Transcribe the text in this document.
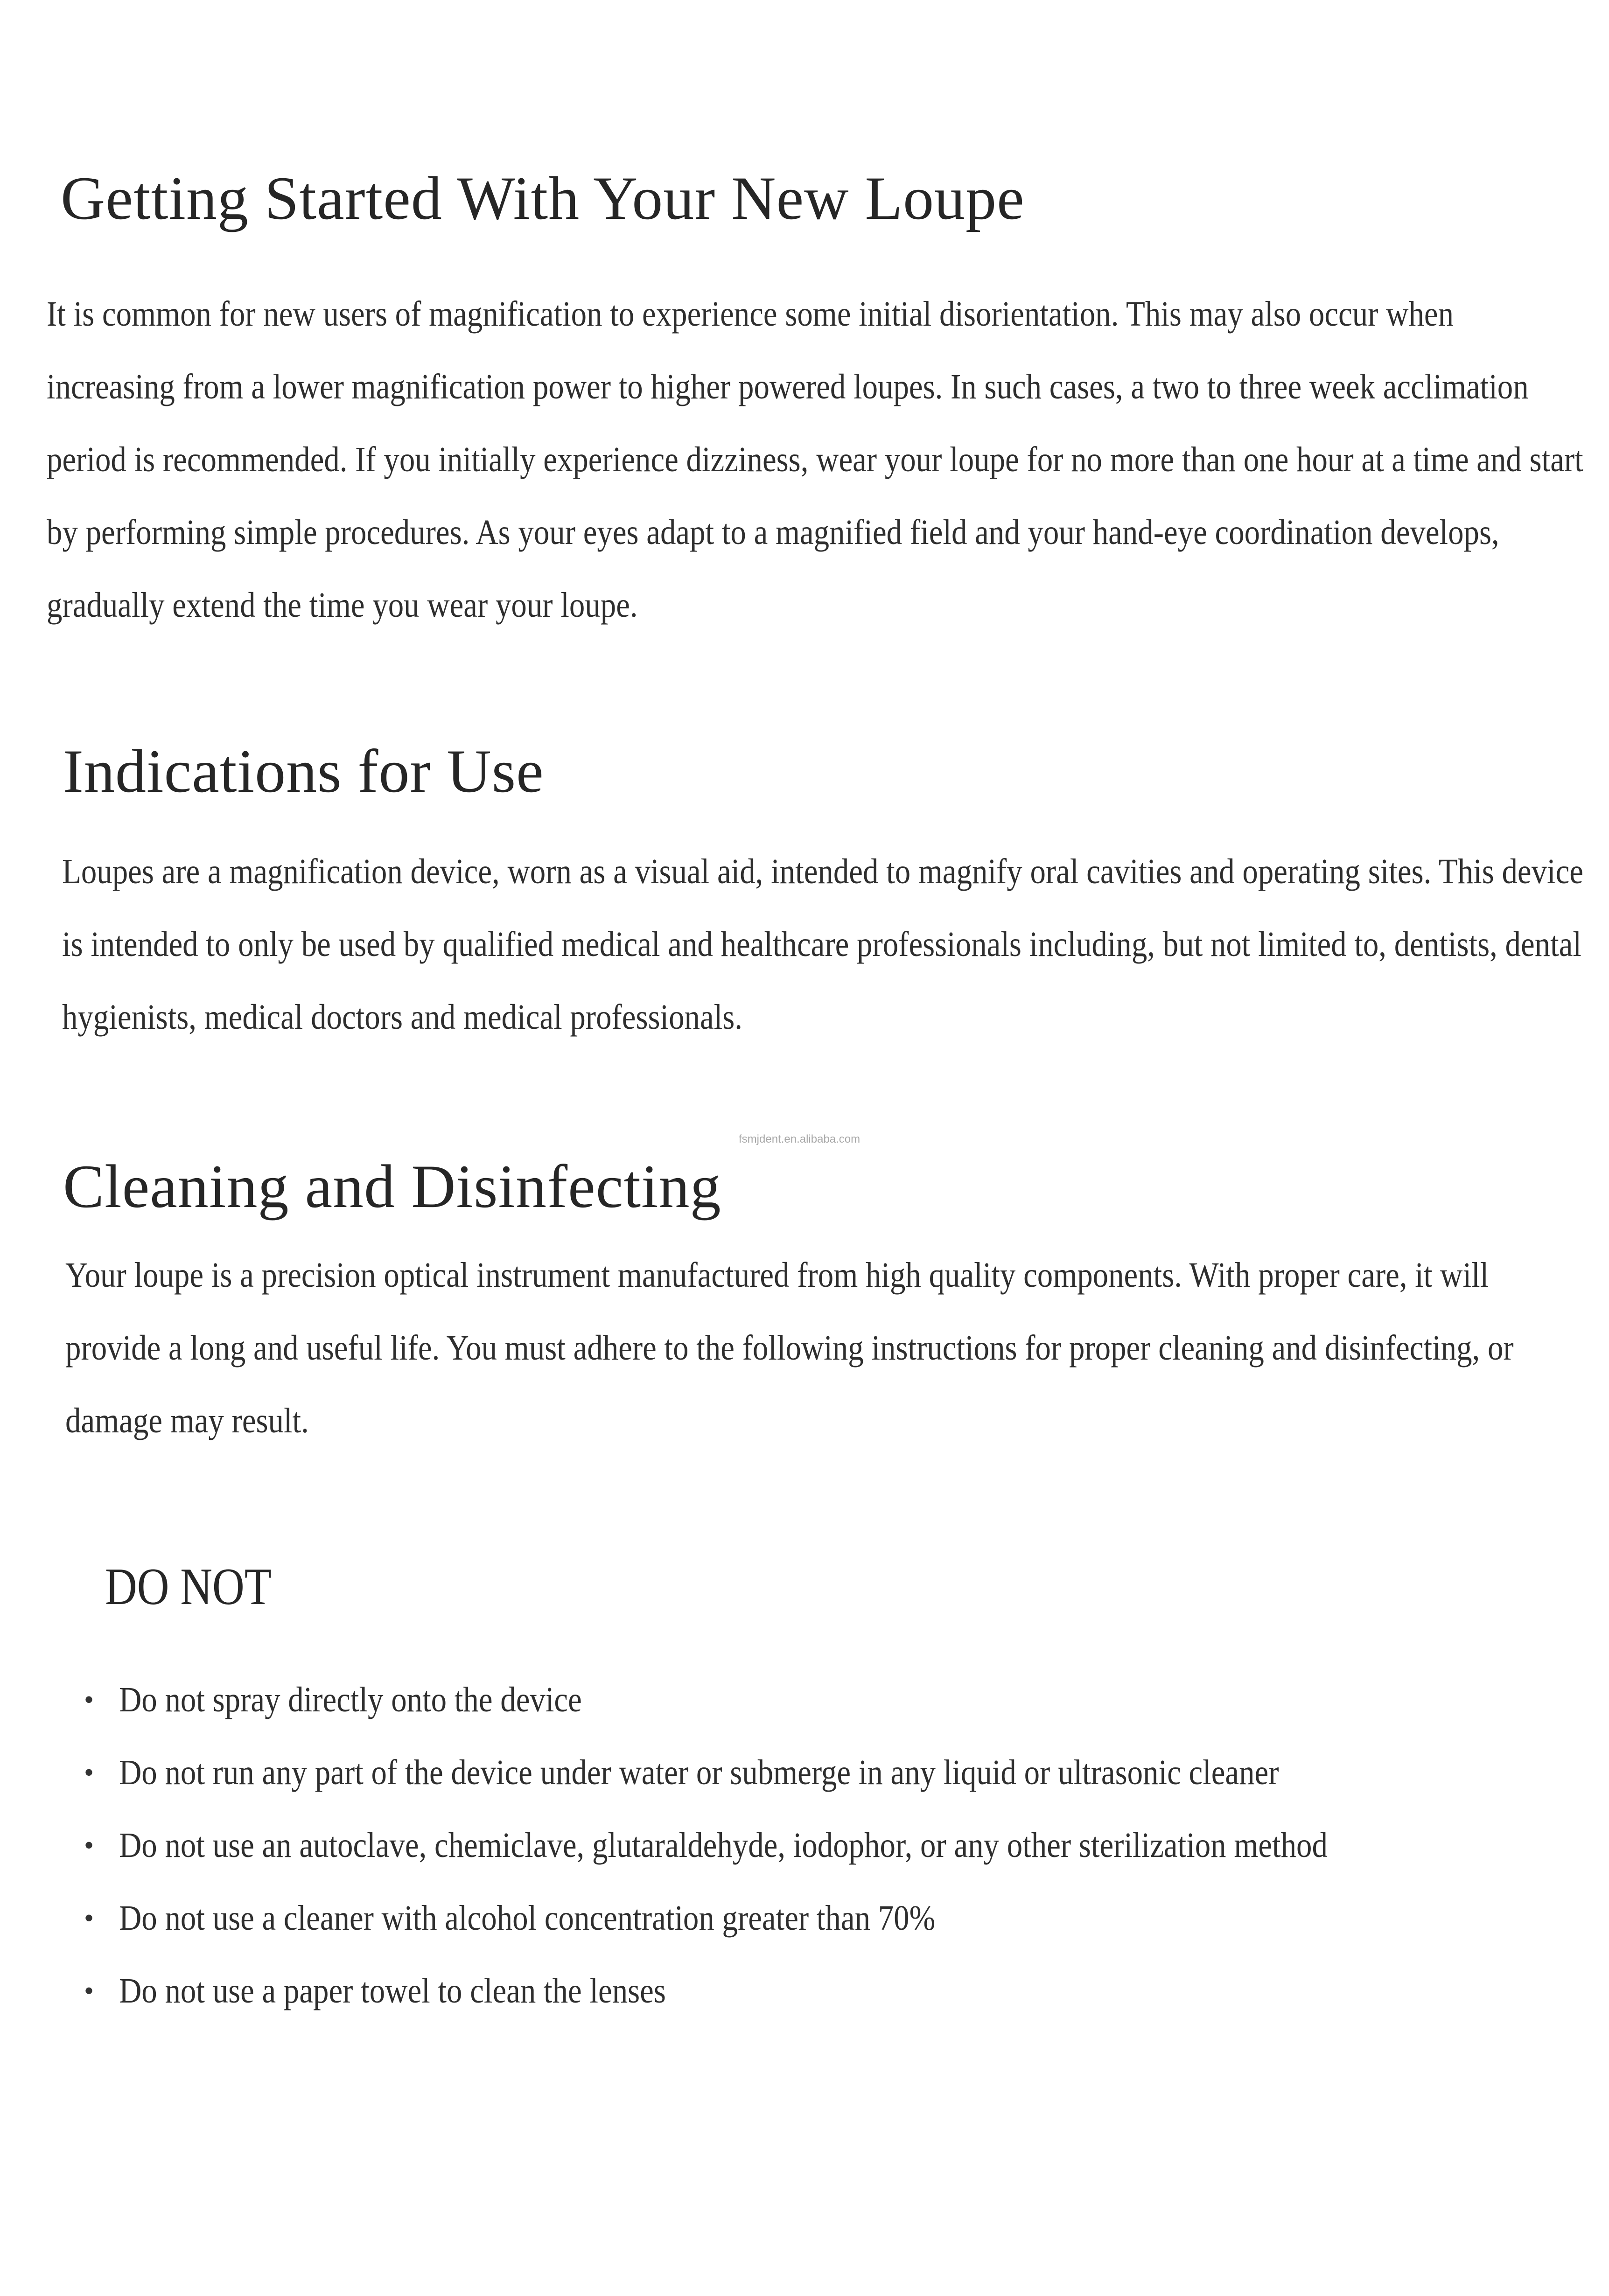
Getting Started With Your New Loupe

It is common for new users of magnification to experience some initial disorientation. This may also occur when increasing from a lower magnification power to higher powered loupes. In such cases, a two to three week acclimation period is recommended. If you initially experience dizziness, wear your loupe for no more than one hour at a time and start by performing simple procedures. As your eyes adapt to a magnified field and your hand-eye coordination develops, gradually extend the time you wear your loupe.

Indications for Use

Loupes are a magnification device, worn as a visual aid, intended to magnify oral cavities and operating sites. This device is intended to only be used by qualified medical and healthcare professionals including, but not limited to, dentists, dental hygienists, medical doctors and medical professionals.

fsmjdent.en.alibaba.com
Cleaning and Disinfecting

Your loupe is a precision optical instrument manufactured from high quality components. With proper care, it will provide a long and useful life. You must adhere to the following instructions for proper cleaning and disinfecting, or damage may result.

DO NOT
• Do not spray directly onto the device
• Do not run any part of the device under water or submerge in any liquid or ultrasonic cleaner
• Do not use an autoclave, chemiclave, glutaraldehyde, iodophor, or any other sterilization method
• Do not use a cleaner with alcohol concentration greater than 70%
• Do not use a paper towel to clean the lenses
